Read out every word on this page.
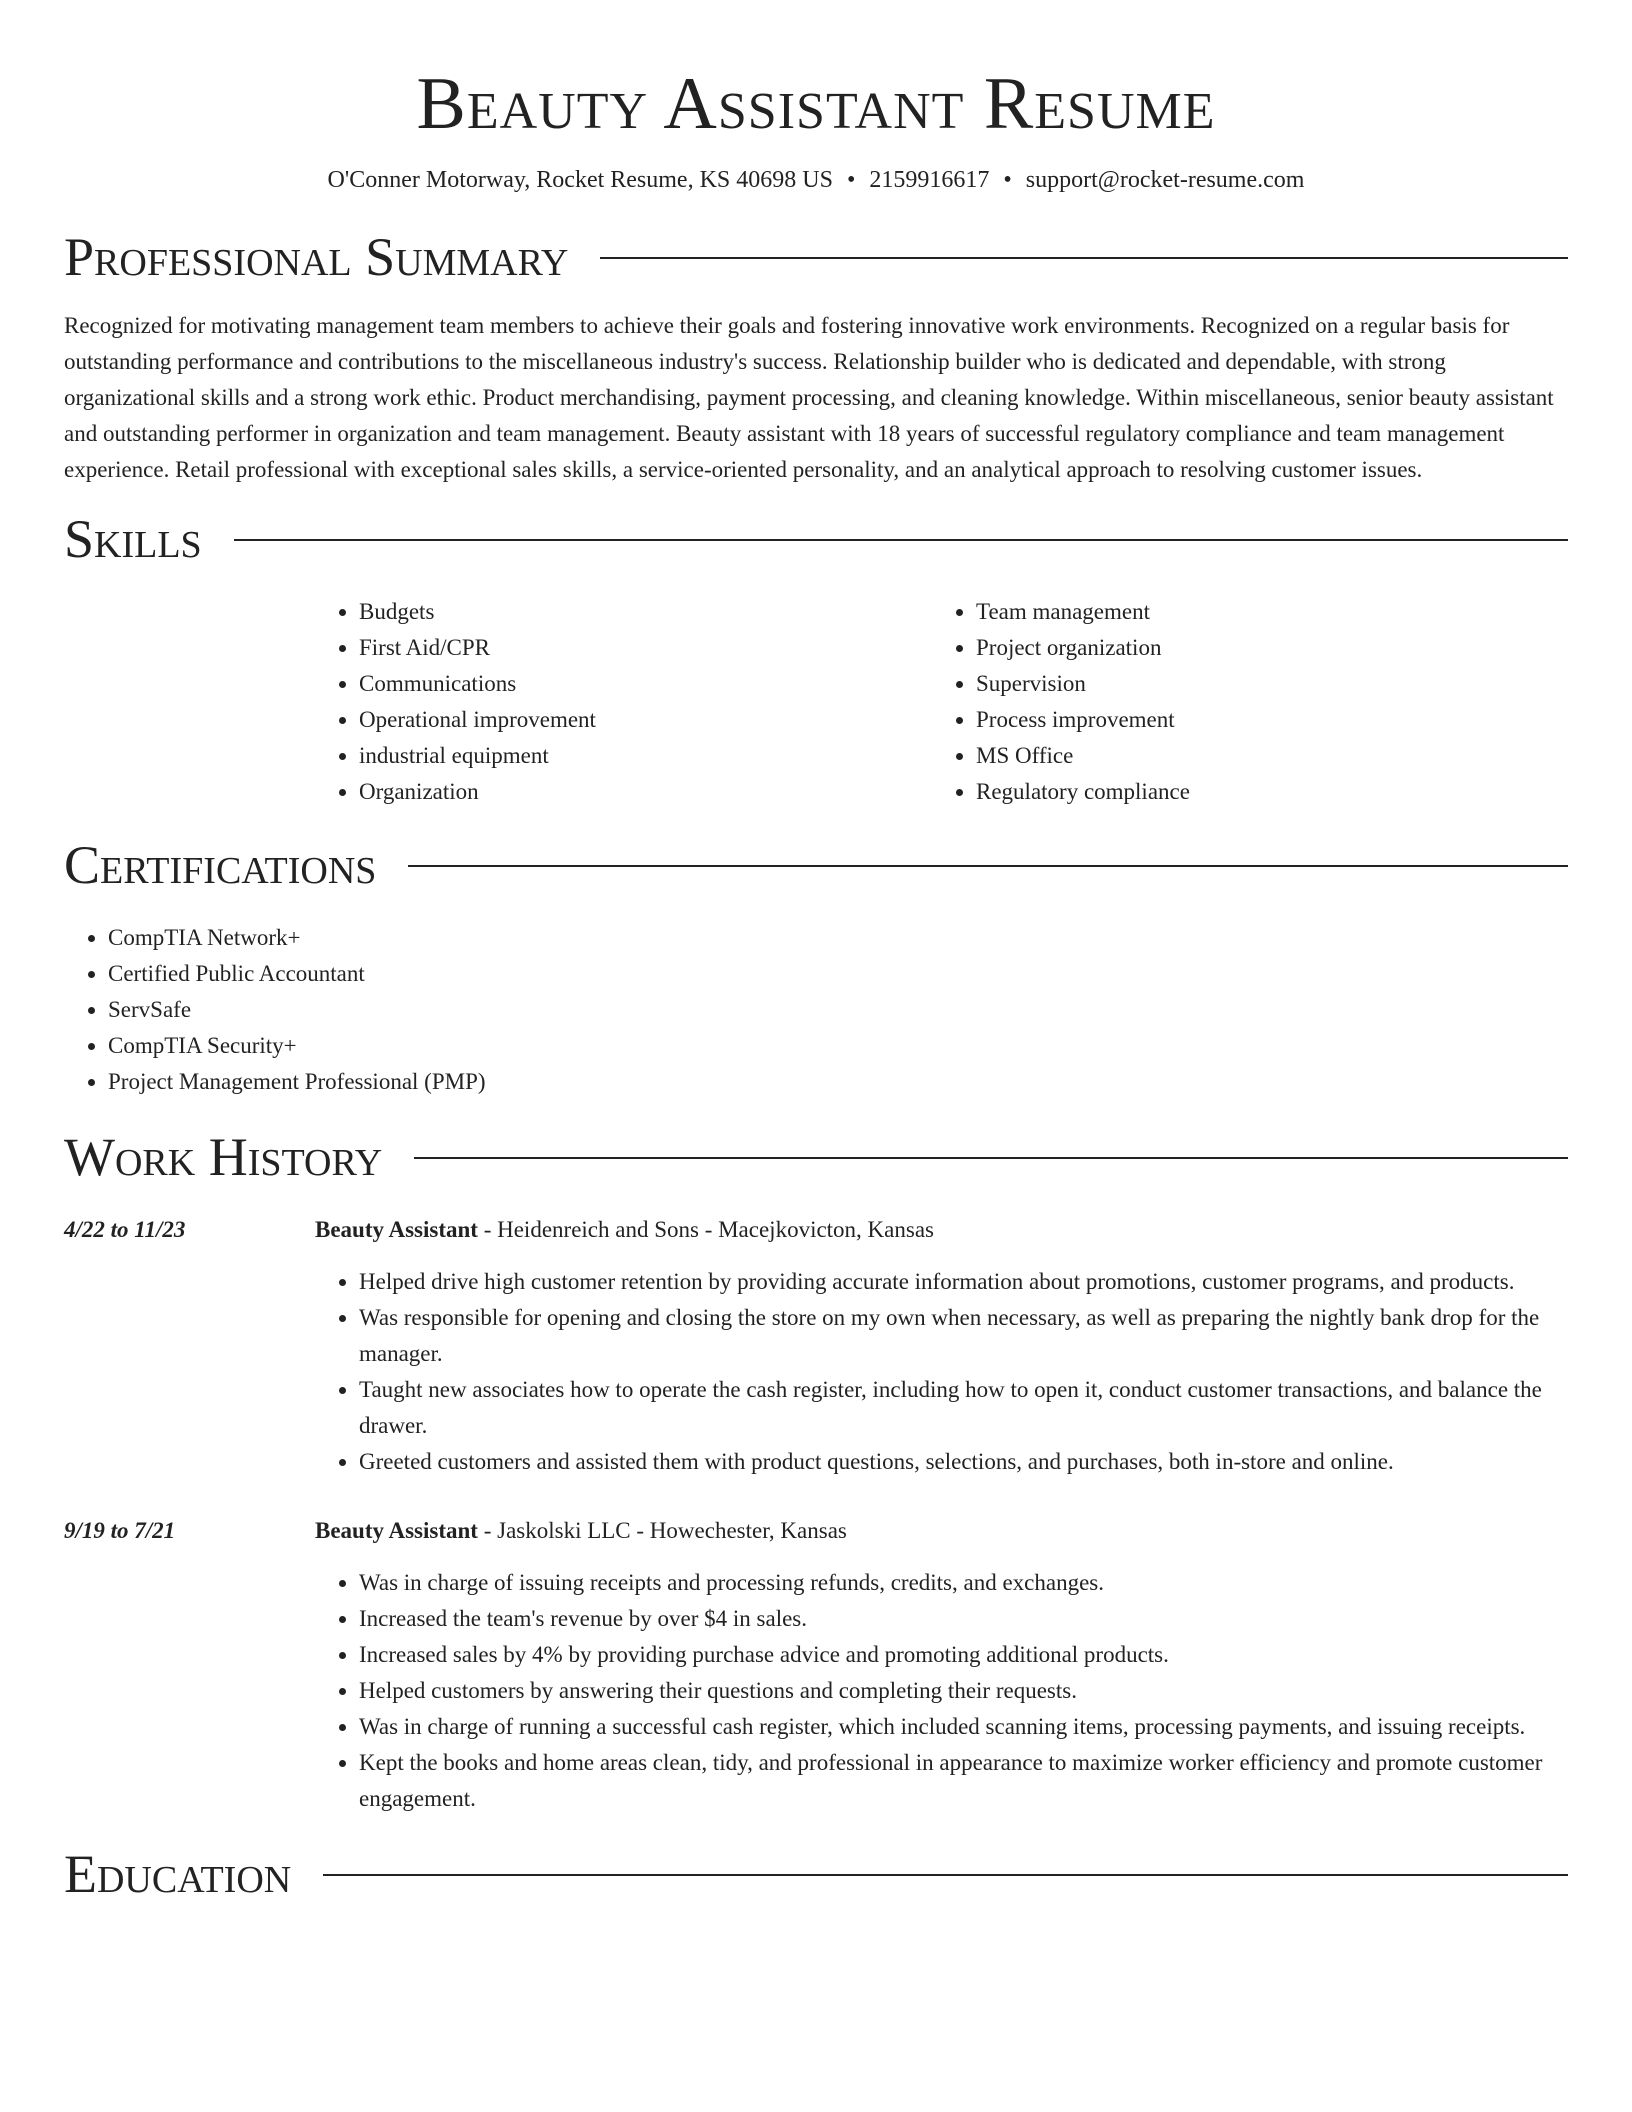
Beauty Assistant Resume
O'Conner Motorway, Rocket Resume, KS 40698 US • 2159916617 • support@rocket-resume.com
Professional Summary

Recognized for motivating management team members to achieve their goals and fostering innovative work environments. Recognized on a regular basis for outstanding performance and contributions to the miscellaneous industry's success. Relationship builder who is dedicated and dependable, with strong organizational skills and a strong work ethic. Product merchandising, payment processing, and cleaning knowledge. Within miscellaneous, senior beauty assistant and outstanding performer in organization and team management. Beauty assistant with 18 years of successful regulatory compliance and team management experience. Retail professional with exceptional sales skills, a service-oriented personality, and an analytical approach to resolving customer issues.

Skills
• Budgets
• First Aid/CPR
• Communications
• Operational improvement
• industrial equipment
• Organization
• Team management
• Project organization
• Supervision
• Process improvement
• MS Office
• Regulatory compliance
Certifications
• CompTIA Network+
• Certified Public Accountant
• ServSafe
• CompTIA Security+
• Project Management Professional (PMP)
Work History
4/22 to 11/23	Beauty Assistant - Heidenreich and Sons - Macejkovicton, Kansas
• Helped drive high customer retention by providing accurate information about promotions, customer programs, and products.
• Was responsible for opening and closing the store on my own when necessary, as well as preparing the nightly bank drop for the manager.
• Taught new associates how to operate the cash register, including how to open it, conduct customer transactions, and balance the drawer.
• Greeted customers and assisted them with product questions, selections, and purchases, both in-store and online.
9/19 to 7/21	Beauty Assistant - Jaskolski LLC - Howechester, Kansas
• Was in charge of issuing receipts and processing refunds, credits, and exchanges.
• Increased the team's revenue by over $4 in sales.
• Increased sales by 4% by providing purchase advice and promoting additional products.
• Helped customers by answering their questions and completing their requests.
• Was in charge of running a successful cash register, which included scanning items, processing payments, and issuing receipts.
• Kept the books and home areas clean, tidy, and professional in appearance to maximize worker efficiency and promote customer engagement.
Education
